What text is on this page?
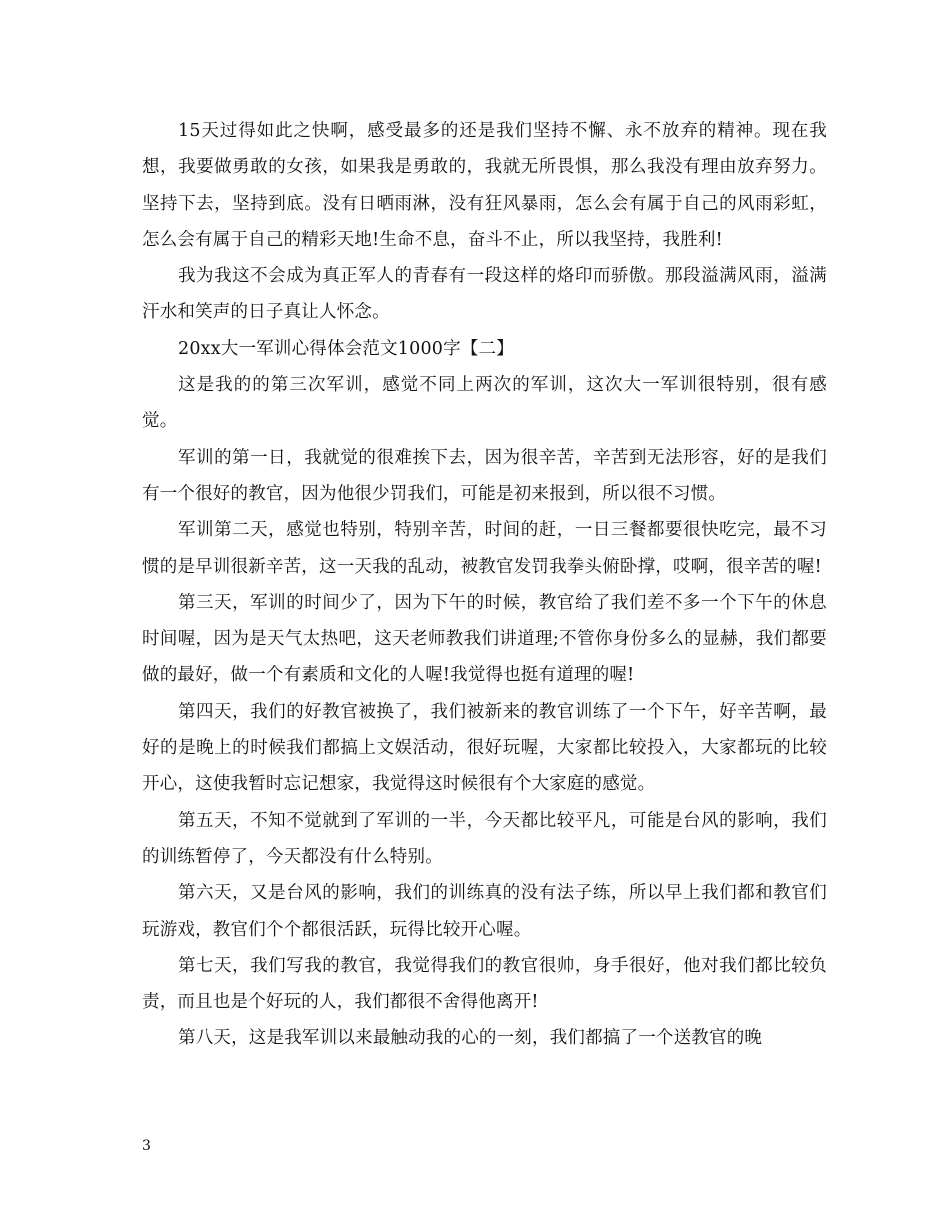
15天过得如此之快啊，感受最多的还是我们坚持不懈、永不放弃的精神。现在我想，我要做勇敢的女孩，如果我是勇敢的，我就无所畏惧，那么我没有理由放弃努力。坚持下去，坚持到底。没有日晒雨淋，没有狂风暴雨，怎么会有属于自己的风雨彩虹，怎么会有属于自己的精彩天地!生命不息，奋斗不止，所以我坚持，我胜利!

我为我这不会成为真正军人的青春有一段这样的烙印而骄傲。那段溢满风雨，溢满汗水和笑声的日子真让人怀念。

20xx大一军训心得体会范文1000字【二】

这是我的的第三次军训，感觉不同上两次的军训，这次大一军训很特别，很有感觉。

军训的第一日，我就觉的很难挨下去，因为很辛苦，辛苦到无法形容，好的是我们有一个很好的教官，因为他很少罚我们，可能是初来报到，所以很不习惯。

军训第二天，感觉也特别，特别辛苦，时间的赶，一日三餐都要很快吃完，最不习惯的是早训很新辛苦，这一天我的乱动，被教官发罚我拳头俯卧撑，哎啊，很辛苦的喔!

第三天，军训的时间少了，因为下午的时候，教官给了我们差不多一个下午的休息时间喔，因为是天气太热吧，这天老师教我们讲道理;不管你身份多么的显赫，我们都要做的最好，做一个有素质和文化的人喔!我觉得也挺有道理的喔!

第四天，我们的好教官被换了，我们被新来的教官训练了一个下午，好辛苦啊，最好的是晚上的时候我们都搞上文娱活动，很好玩喔，大家都比较投入，大家都玩的比较开心，这使我暂时忘记想家，我觉得这时候很有个大家庭的感觉。

第五天，不知不觉就到了军训的一半，今天都比较平凡，可能是台风的影响，我们的训练暂停了，今天都没有什么特别。

第六天，又是台风的影响，我们的训练真的没有法子练，所以早上我们都和教官们玩游戏，教官们个个都很活跃，玩得比较开心喔。

第七天，我们写我的教官，我觉得我们的教官很帅，身手很好，他对我们都比较负责，而且也是个好玩的人，我们都很不舍得他离开!

第八天，这是我军训以来最触动我的心的一刻，我们都搞了一个送教官的晚

3
